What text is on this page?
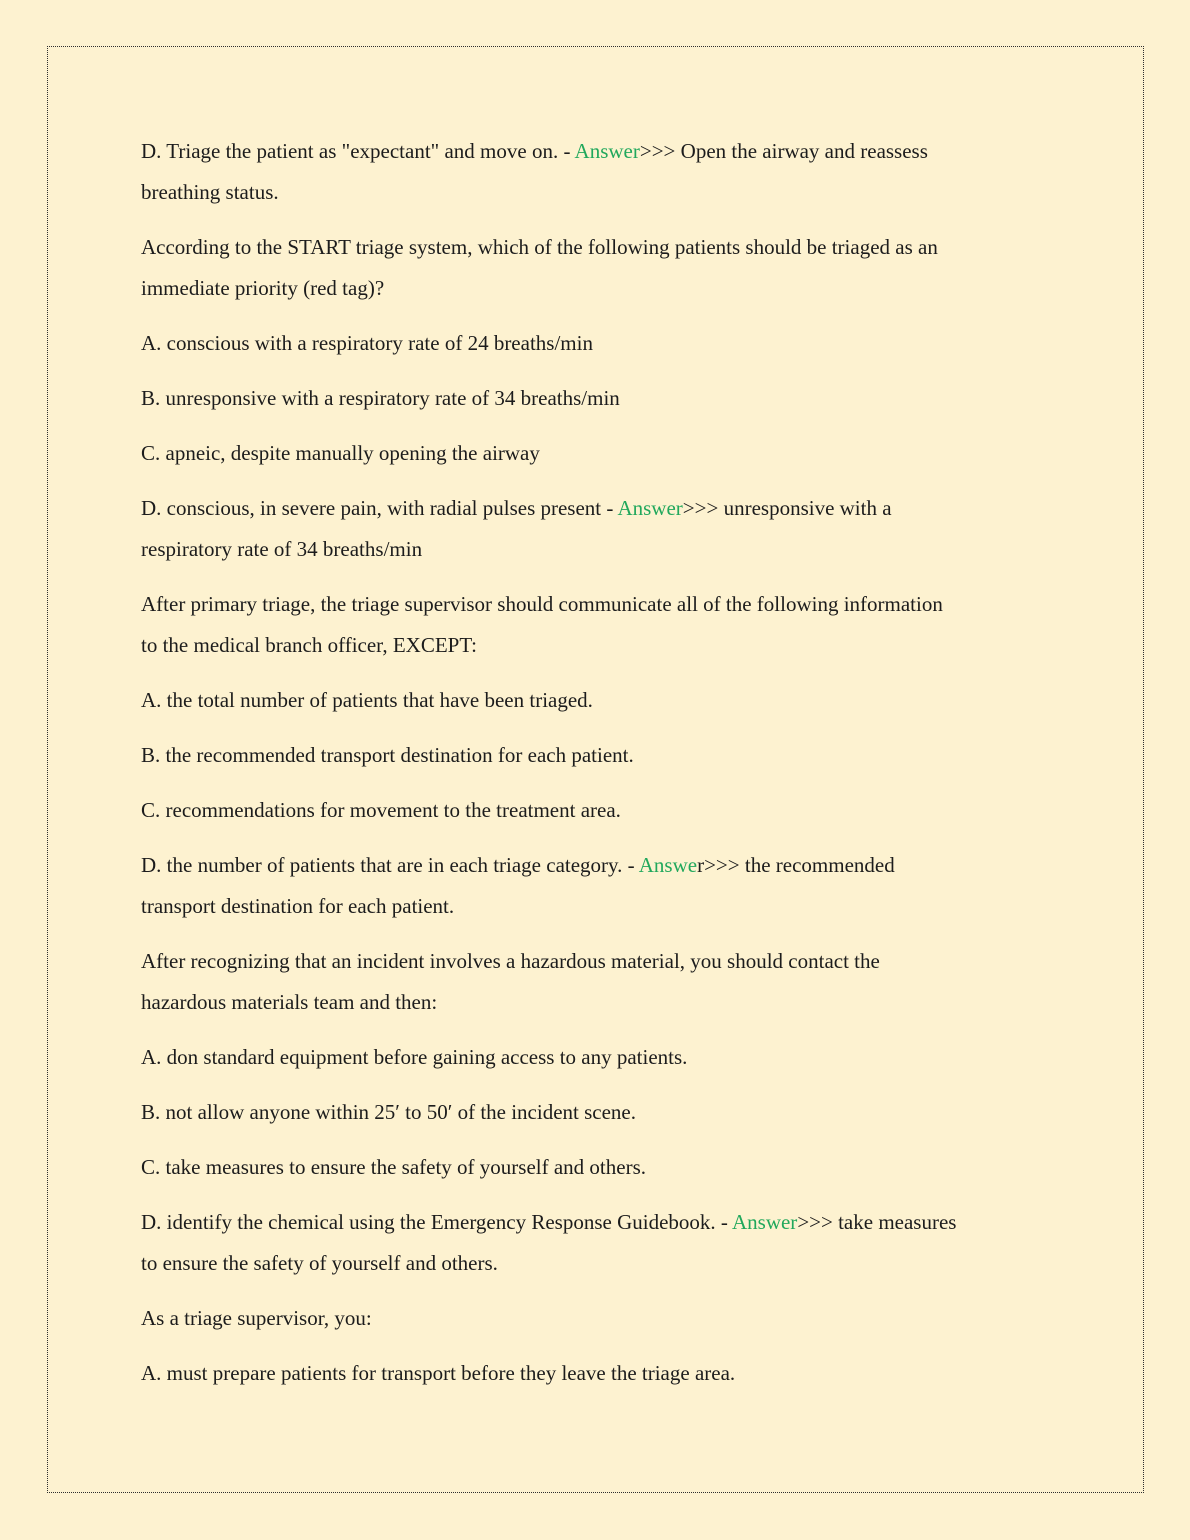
D. Triage the patient as "expectant" and move on. - Answer>>> Open the airway and reassess
breathing status.
According to the START triage system, which of the following patients should be triaged as an
immediate priority (red tag)?
A. conscious with a respiratory rate of 24 breaths/min
B. unresponsive with a respiratory rate of 34 breaths/min
C. apneic, despite manually opening the airway
D. conscious, in severe pain, with radial pulses present - Answer>>> unresponsive with a
respiratory rate of 34 breaths/min
After primary triage, the triage supervisor should communicate all of the following information
to the medical branch officer, EXCEPT:
A. the total number of patients that have been triaged.
B. the recommended transport destination for each patient.
C. recommendations for movement to the treatment area.
D. the number of patients that are in each triage category. - Answer>>> the recommended
transport destination for each patient.
After recognizing that an incident involves a hazardous material, you should contact the
hazardous materials team and then:
A. don standard equipment before gaining access to any patients.
B. not allow anyone within 25′ to 50′ of the incident scene.
C. take measures to ensure the safety of yourself and others.
D. identify the chemical using the Emergency Response Guidebook. - Answer>>> take measures
to ensure the safety of yourself and others.
As a triage supervisor, you:
A. must prepare patients for transport before they leave the triage area.
